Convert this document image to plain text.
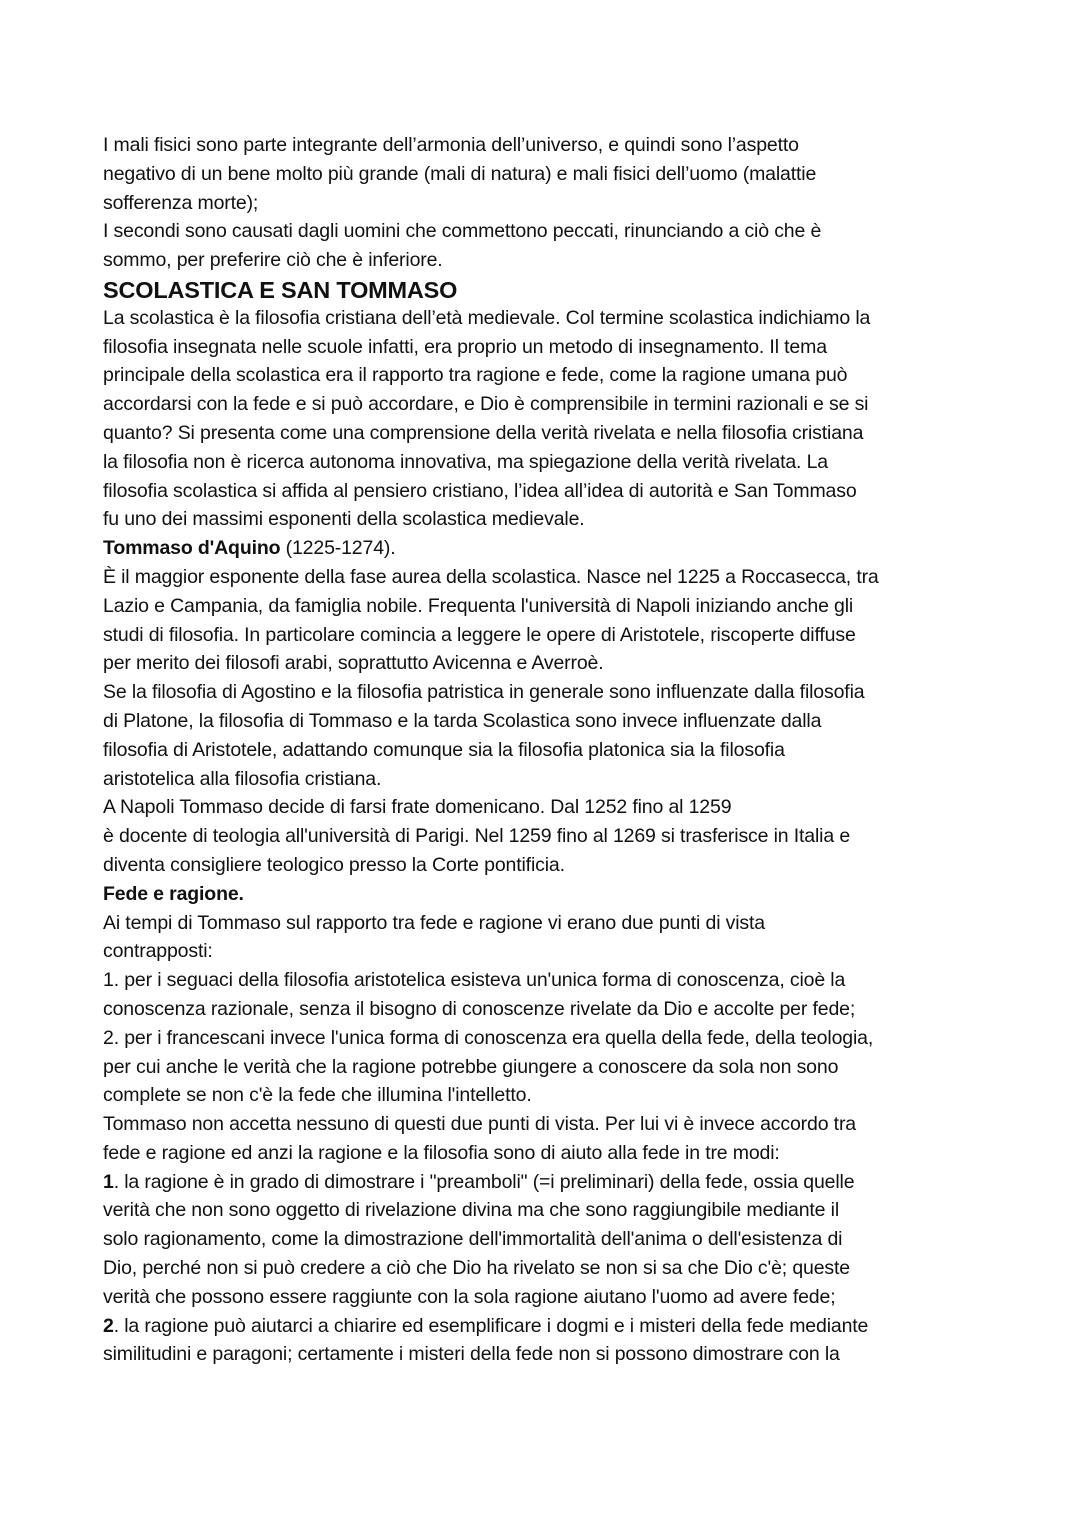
I mali fisici sono parte integrante dell’armonia dell’universo, e quindi sono l’aspetto
negativo di un bene molto più grande (mali di natura) e mali fisici dell’uomo (malattie
sofferenza morte);
I secondi sono causati dagli uomini che commettono peccati, rinunciando a ciò che è
sommo, per preferire ciò che è inferiore.
SCOLASTICA E SAN TOMMASO
La scolastica è la filosofia cristiana dell’età medievale. Col termine scolastica indichiamo la
filosofia insegnata nelle scuole infatti, era proprio un metodo di insegnamento. Il tema
principale della scolastica era il rapporto tra ragione e fede, come la ragione umana può
accordarsi con la fede e si può accordare, e Dio è comprensibile in termini razionali e se si
quanto? Si presenta come una comprensione della verità rivelata e nella filosofia cristiana
la filosofia non è ricerca autonoma innovativa, ma spiegazione della verità rivelata. La
filosofia scolastica si affida al pensiero cristiano, l’idea all’idea di autorità e San Tommaso
fu uno dei massimi esponenti della scolastica medievale.
Tommaso d'Aquino (1225-1274).
È il maggior esponente della fase aurea della scolastica. Nasce nel 1225 a Roccasecca, tra
Lazio e Campania, da famiglia nobile. Frequenta l'università di Napoli iniziando anche gli
studi di filosofia. In particolare comincia a leggere le opere di Aristotele, riscoperte diffuse
per merito dei filosofi arabi, soprattutto Avicenna e Averroè.
Se la filosofia di Agostino e la filosofia patristica in generale sono influenzate dalla filosofia
di Platone, la filosofia di Tommaso e la tarda Scolastica sono invece influenzate dalla
filosofia di Aristotele, adattando comunque sia la filosofia platonica sia la filosofia
aristotelica alla filosofia cristiana.
A Napoli Tommaso decide di farsi frate domenicano. Dal 1252 fino al 1259
è docente di teologia all'università di Parigi. Nel 1259 fino al 1269 si trasferisce in Italia e
diventa consigliere teologico presso la Corte pontificia.
Fede e ragione.
Ai tempi di Tommaso sul rapporto tra fede e ragione vi erano due punti di vista
contrapposti:
1. per i seguaci della filosofia aristotelica esisteva un'unica forma di conoscenza, cioè la
conoscenza razionale, senza il bisogno di conoscenze rivelate da Dio e accolte per fede;
2. per i francescani invece l'unica forma di conoscenza era quella della fede, della teologia,
per cui anche le verità che la ragione potrebbe giungere a conoscere da sola non sono
complete se non c'è la fede che illumina l'intelletto.
Tommaso non accetta nessuno di questi due punti di vista. Per lui vi è invece accordo tra
fede e ragione ed anzi la ragione e la filosofia sono di aiuto alla fede in tre modi:
1. la ragione è in grado di dimostrare i "preamboli" (=i preliminari) della fede, ossia quelle
verità che non sono oggetto di rivelazione divina ma che sono raggiungibile mediante il
solo ragionamento, come la dimostrazione dell'immortalità dell'anima o dell'esistenza di
Dio, perché non si può credere a ciò che Dio ha rivelato se non si sa che Dio c'è; queste
verità che possono essere raggiunte con la sola ragione aiutano l'uomo ad avere fede;
2. la ragione può aiutarci a chiarire ed esemplificare i dogmi e i misteri della fede mediante
similitudini e paragoni; certamente i misteri della fede non si possono dimostrare con la
